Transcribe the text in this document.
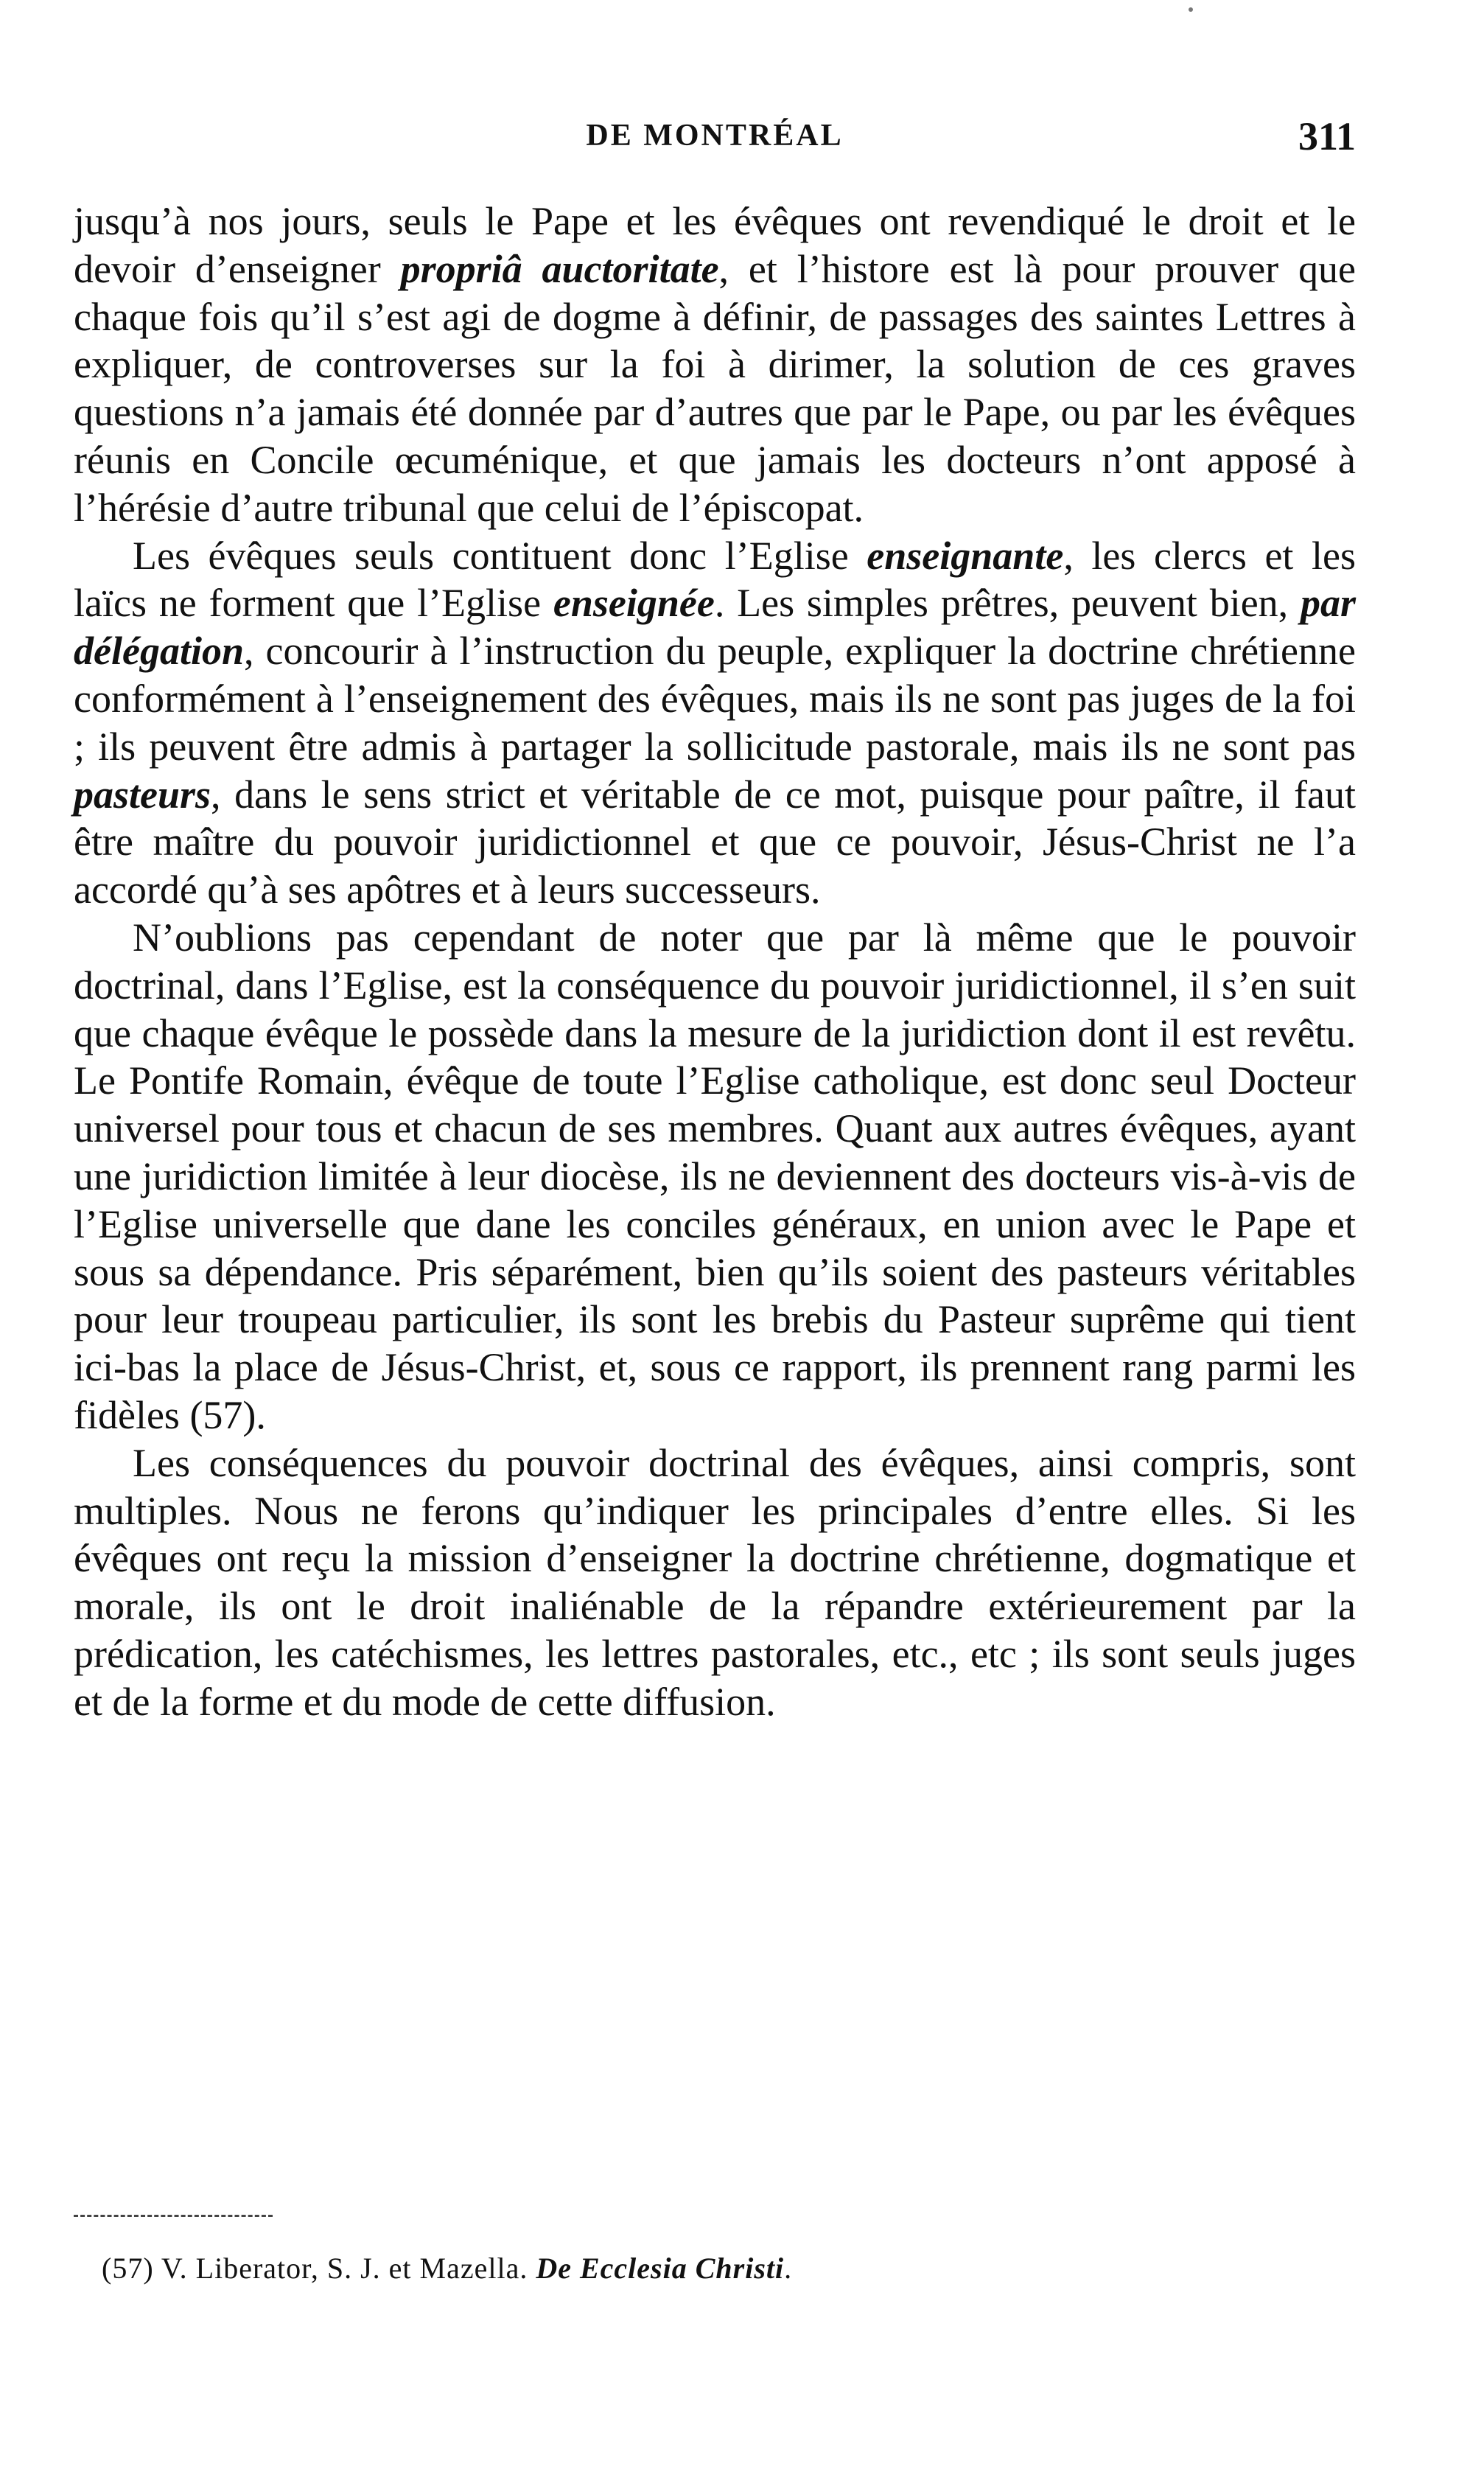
DE MONTRÉAL	311

jusqu’à nos jours, seuls le Pape et les évêques ont revendiqué le droit et le devoir d’enseigner propriâ auctoritate, et l’histore est là pour prouver que chaque fois qu’il s’est agi de dogme à définir, de passages des saintes Lettres à expliquer, de controverses sur la foi à dirimer, la solution de ces graves questions n’a jamais été donnée par d’autres que par le Pape, ou par les évêques réunis en Concile œcuménique, et que jamais les docteurs n’ont apposé à l’hérésie d’autre tribunal que celui de l’épiscopat.

Les évêques seuls contituent donc l’Eglise enseignante, les clercs et les laïcs ne forment que l’Eglise enseignée. Les simples prêtres, peuvent bien, par délégation, concourir à l’instruction du peuple, expliquer la doctrine chrétienne conformément à l’enseignement des évêques, mais ils ne sont pas juges de la foi ; ils peuvent être admis à partager la sollicitude pastorale, mais ils ne sont pas pasteurs, dans le sens strict et véritable de ce mot, puisque pour paître, il faut être maître du pouvoir juridictionnel et que ce pouvoir, Jésus-Christ ne l’a accordé qu’à ses apôtres et à leurs successeurs.

N’oublions pas cependant de noter que par là même que le pouvoir doctrinal, dans l’Eglise, est la conséquence du pouvoir juridictionnel, il s’en suit que chaque évêque le possède dans la mesure de la juridiction dont il est revêtu. Le Pontife Romain, évêque de toute l’Eglise catholique, est donc seul Docteur universel pour tous et chacun de ses membres. Quant aux autres évêques, ayant une juridiction limitée à leur diocèse, ils ne deviennent des docteurs vis-à-vis de l’Eglise universelle que dane les conciles généraux, en union avec le Pape et sous sa dépendance. Pris séparément, bien qu’ils soient des pasteurs véritables pour leur troupeau particulier, ils sont les brebis du Pasteur suprême qui tient ici-bas la place de Jésus-Christ, et, sous ce rapport, ils prennent rang parmi les fidèles (57).

Les conséquences du pouvoir doctrinal des évêques, ainsi compris, sont multiples. Nous ne ferons qu’indiquer les principales d’entre elles. Si les évêques ont reçu la mission d’enseigner la doctrine chrétienne, dogmatique et morale, ils ont le droit inaliénable de la répandre extérieurement par la prédication, les catéchismes, les lettres pastorales, etc., etc ; ils sont seuls juges et de la forme et du mode de cette diffusion.

(57) V. Liberator, S. J. et Mazella. De Ecclesia Christi.
